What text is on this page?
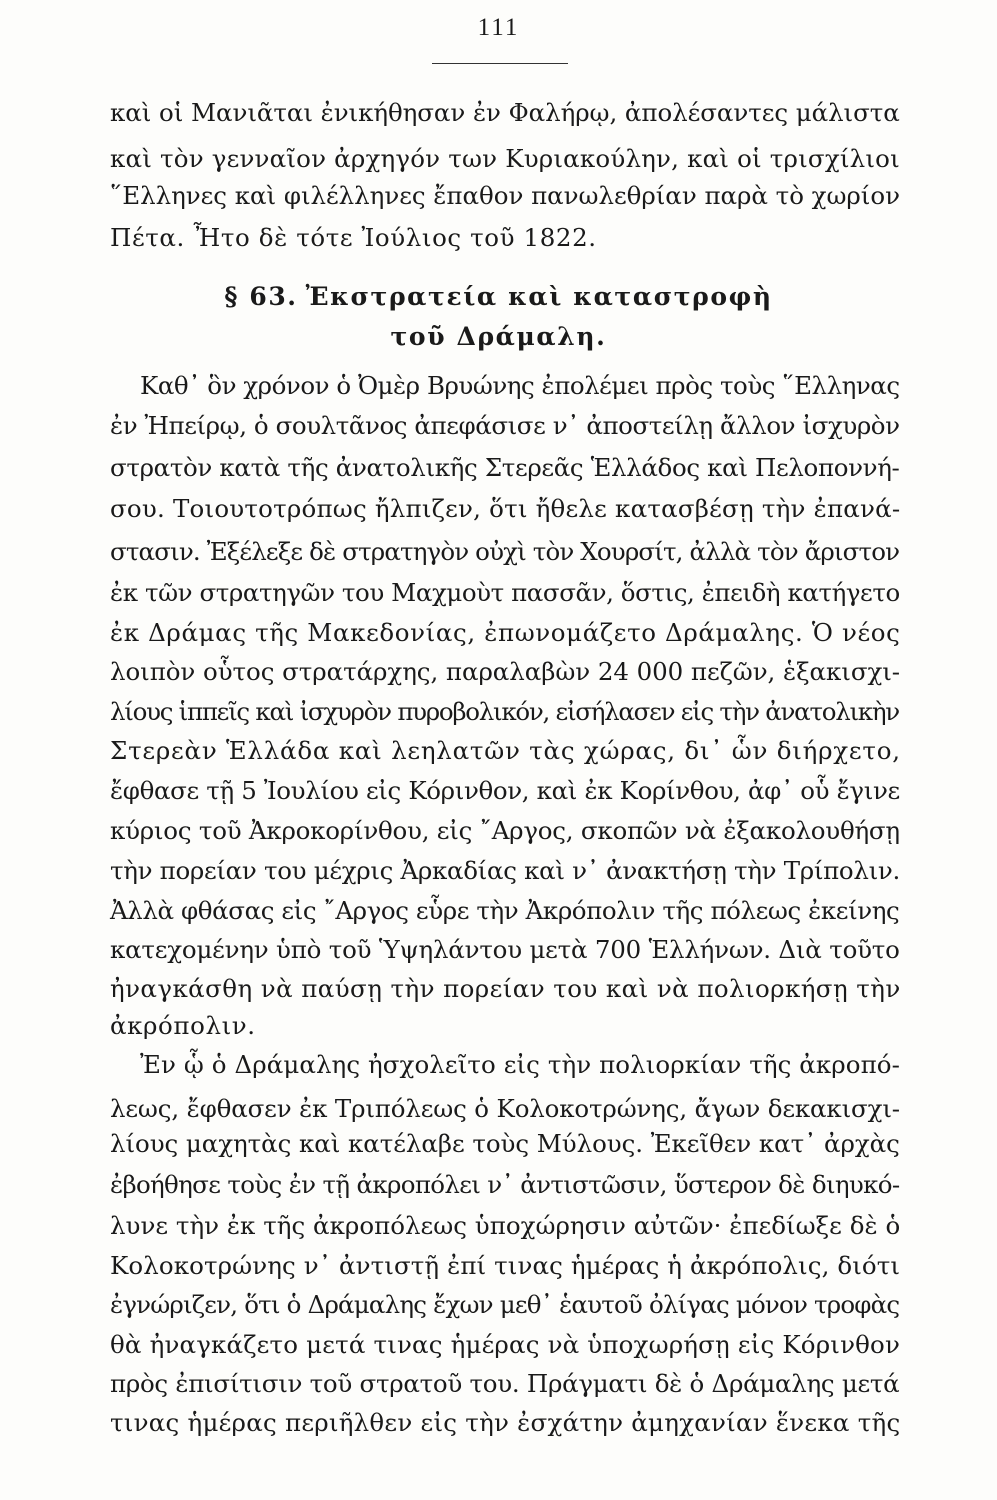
111
καὶ οἱ Μανιᾶται ἐνικήθησαν ἐν Φαλήρῳ, ἀπολέσαντες μάλιστα
καὶ τὸν γενναῖον ἀρχηγόν των Κυριακούλην, καὶ οἱ τρισχίλιοι
῞Ελληνες καὶ φιλέλληνες ἔπαθον πανωλεθρίαν παρὰ τὸ χωρίον
Πέτα. Ἦτο δὲ τότε Ἰούλιος τοῦ 1822.
§ 63. Ἐκστρατεία καὶ καταστροφὴ
τοῦ Δράμαλη.
Καθ᾽ ὃν χρόνον ὁ Ὀμὲρ Βρυώνης ἐπολέμει πρὸς τοὺς ῞Ελληνας
ἐν Ἠπείρῳ, ὁ σουλτᾶνος ἀπεφάσισε ν᾽ ἀποστείλῃ ἄλλον ἰσχυρὸν
στρατὸν κατὰ τῆς ἀνατολικῆς Στερεᾶς Ἑλλάδος καὶ Πελοποννή-
σου. Τοιουτοτρόπως ἤλπιζεν, ὅτι ἤθελε κατασβέσῃ τὴν ἐπανά-
στασιν. Ἐξέλεξε δὲ στρατηγὸν οὐχὶ τὸν Χουρσίτ, ἀλλὰ τὸν ἄριστον
ἐκ τῶν στρατηγῶν του Μαχμοὺτ πασσᾶν, ὅστις, ἐπειδὴ κατήγετο
ἐκ Δράμας τῆς Μακεδονίας, ἐπωνομάζετο Δράμαλης. Ὁ νέος
λοιπὸν οὗτος στρατάρχης, παραλαβὼν 24 000 πεζῶν, ἑξακισχι-
λίους ἱππεῖς καὶ ἰσχυρὸν πυροβολικόν, εἰσήλασεν εἰς τὴν ἀνατολικὴν
Στερεὰν Ἑλλάδα καὶ λεηλατῶν τὰς χώρας, δι᾽ ὧν διήρχετο,
ἔφθασε τῇ 5 Ἰουλίου εἰς Κόρινθον, καὶ ἐκ Κορίνθου, ἀφ᾽ οὗ ἔγινε
κύριος τοῦ Ἀκροκορίνθου, εἰς ῎Αργος, σκοπῶν νὰ ἐξακολουθήσῃ
τὴν πορείαν του μέχρις Ἀρκαδίας καὶ ν᾽ ἀνακτήσῃ τὴν Τρίπολιν.
Ἀλλὰ φθάσας εἰς ῎Αργος εὗρε τὴν Ἀκρόπολιν τῆς πόλεως ἐκείνης
κατεχομένην ὑπὸ τοῦ Ὑψηλάντου μετὰ 700 Ἑλλήνων. Διὰ τοῦτο
ἠναγκάσθη νὰ παύσῃ τὴν πορείαν του καὶ νὰ πολιορκήσῃ τὴν
ἀκρόπολιν.
Ἐν ᾧ ὁ Δράμαλης ἠσχολεῖτο εἰς τὴν πολιορκίαν τῆς ἀκροπό-
λεως, ἔφθασεν ἐκ Τριπόλεως ὁ Κολοκοτρώνης, ἄγων δεκακισχι-
λίους μαχητὰς καὶ κατέλαβε τοὺς Μύλους. Ἐκεῖθεν κατ᾽ ἀρχὰς
ἐβοήθησε τοὺς ἐν τῇ ἀκροπόλει ν᾽ ἀντιστῶσιν, ὕστερον δὲ διηυκό-
λυνε τὴν ἐκ τῆς ἀκροπόλεως ὑποχώρησιν αὐτῶν· ἐπεδίωξε δὲ ὁ
Κολοκοτρώνης ν᾽ ἀντιστῇ ἐπί τινας ἡμέρας ἡ ἀκρόπολις, διότι
ἐγνώριζεν, ὅτι ὁ Δράμαλης ἔχων μεθ᾽ ἑαυτοῦ ὀλίγας μόνον τροφὰς
θὰ ἠναγκάζετο μετά τινας ἡμέρας νὰ ὑποχωρήσῃ εἰς Κόρινθον
πρὸς ἐπισίτισιν τοῦ στρατοῦ του. Πράγματι δὲ ὁ Δράμαλης μετά
τινας ἡμέρας περιῆλθεν εἰς τὴν ἐσχάτην ἀμηχανίαν ἕνεκα τῆς
